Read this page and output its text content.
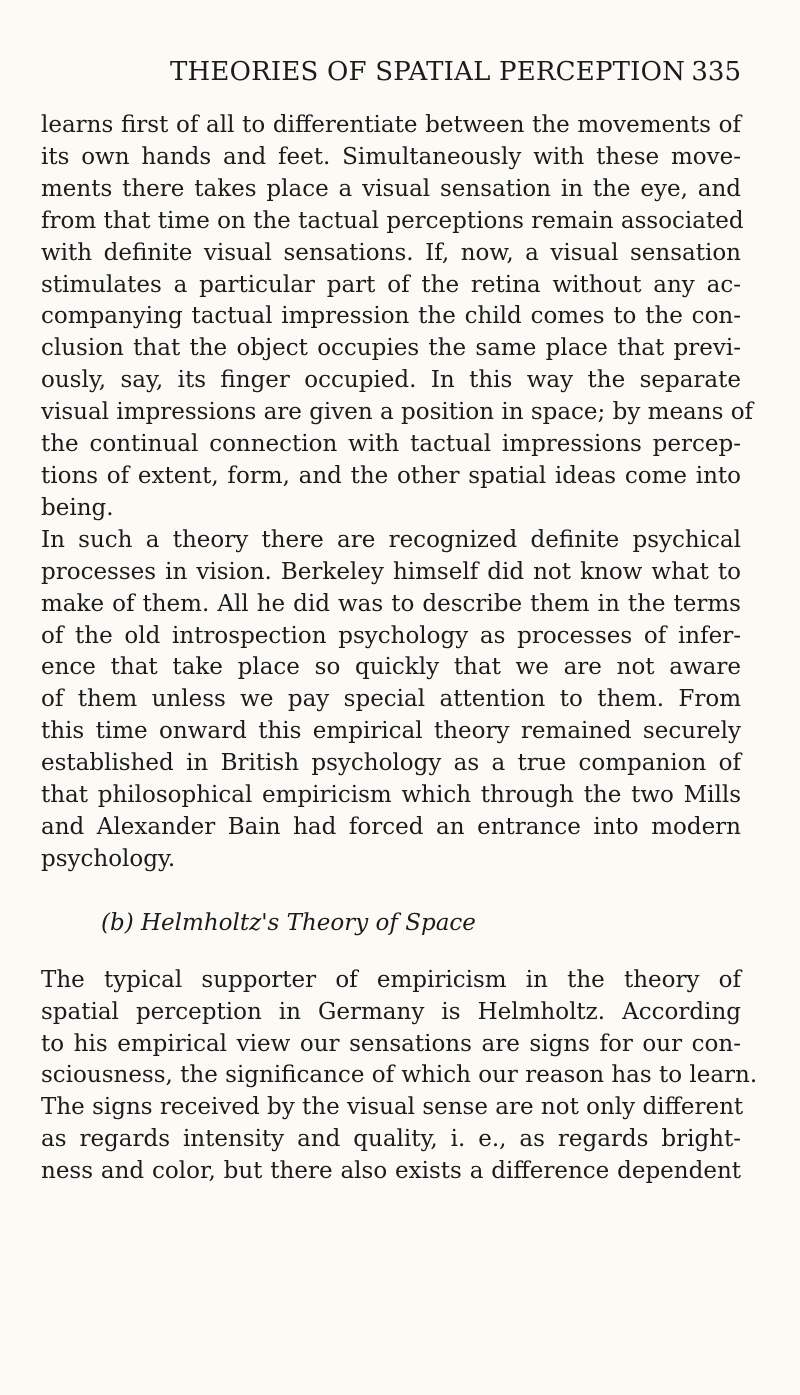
THEORIES OF SPATIAL PERCEPTION 335
learns first of all to differentiate between the movements of
its own hands and feet. Simultaneously with these move-
ments there takes place a visual sensation in the eye, and
from that time on the tactual perceptions remain associated
with definite visual sensations. If, now, a visual sensation
stimulates a particular part of the retina without any ac-
companying tactual impression the child comes to the con-
clusion that the object occupies the same place that previ-
ously, say, its finger occupied. In this way the separate
visual impressions are given a position in space; by means of
the continual connection with tactual impressions percep-
tions of extent, form, and the other spatial ideas come into
being.
In such a theory there are recognized definite psychical
processes in vision. Berkeley himself did not know what to
make of them. All he did was to describe them in the terms
of the old introspection psychology as processes of infer-
ence that take place so quickly that we are not aware
of them unless we pay special attention to them. From
this time onward this empirical theory remained securely
established in British psychology as a true companion of
that philosophical empiricism which through the two Mills
and Alexander Bain had forced an entrance into modern
psychology.
(b) Helmholtz's Theory of Space
The typical supporter of empiricism in the theory of
spatial perception in Germany is Helmholtz. According
to his empirical view our sensations are signs for our con-
sciousness, the significance of which our reason has to learn.
The signs received by the visual sense are not only different
as regards intensity and quality, i. e., as regards bright-
ness and color, but there also exists a difference dependent
